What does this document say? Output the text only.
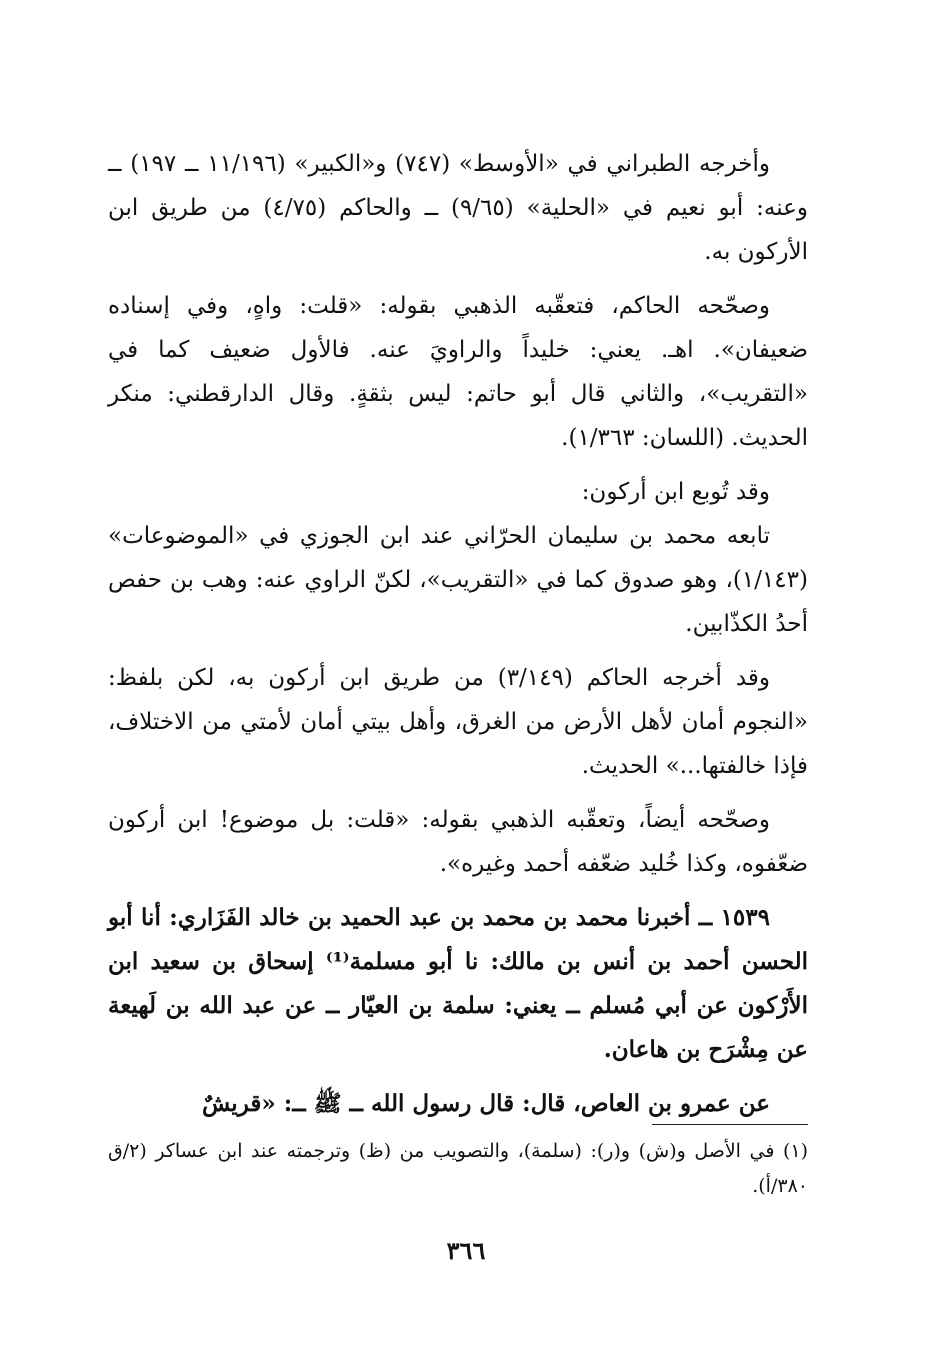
وأخرجه الطبراني في «الأوسط» (٧٤٧) و«الكبير» (١١/١٩٦ ــ ١٩٧) ــ وعنه: أبو نعيم في «الحلية» (٩/٦٥) ــ والحاكم (٤/٧٥) من طريق ابن الأركون به.

وصحّحه الحاكم، فتعقّبه الذهبي بقوله: «قلت: واهٍ، وفي إسناده ضعيفان». اهـ. يعني: خليداً والراويَ عنه. فالأول ضعيف كما في «التقريب»، والثاني قال أبو حاتم: ليس بثقةٍ. وقال الدارقطني: منكر الحديث. (اللسان: ١/٣٦٣).

وقد تُوبع ابن أركون:

تابعه محمد بن سليمان الحرّاني عند ابن الجوزي في «الموضوعات» (١/١٤٣)، وهو صدوق كما في «التقريب»، لكنّ الراوي عنه: وهب بن حفص أحدُ الكذّابين.

وقد أخرجه الحاكم (٣/١٤٩) من طريق ابن أركون به، لكن بلفظ: «النجوم أمان لأهل الأرض من الغرق، وأهل بيتي أمان لأمتي من الاختلاف، فإذا خالفتها...» الحديث.

وصحّحه أيضاً، وتعقّبه الذهبي بقوله: «قلت: بل موضوع! ابن أركون ضعّفوه، وكذا خُليد ضعّفه أحمد وغيره».

١٥٣٩ ــ أخبرنا محمد بن محمد بن عبد الحميد بن خالد الفَزَاري: أنا أبو الحسن أحمد بن أنس بن مالك: نا أبو مسلمة⁽¹⁾ إسحاق بن سعيد ابن الأَرْكون عن أبي مُسلم ــ يعني: سلمة بن العيّار ــ عن عبد الله بن لَهيعة عن مِشْرَح بن هاعان.

عن عمرو بن العاص، قال: قال رسول الله ــ ﷺ ــ: «قريشٌ

(١) في الأصل و(ش) و(ر): (سلمة)، والتصويب من (ظ) وترجمته عند ابن عساكر (٢/ق ٣٨٠/أ).

٣٦٦
